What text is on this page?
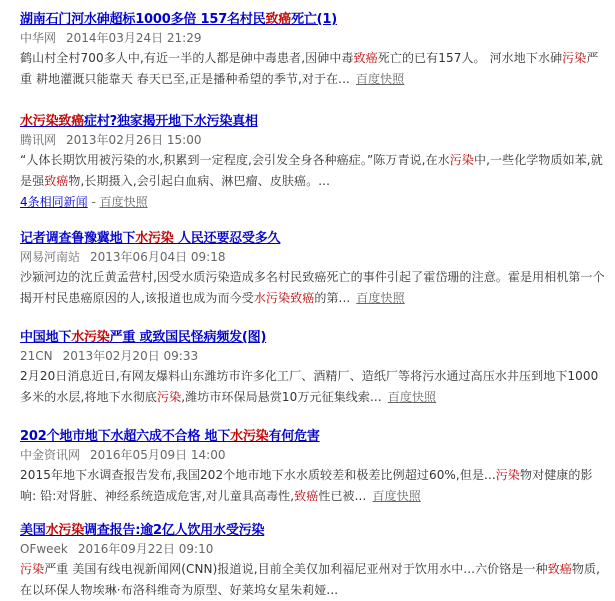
湖南石门河水砷超标1000多倍 157名村民致癌死亡(1)
中华网 2014年03月24日 21:29
鹤山村全村700多人中,有近一半的人都是砷中毒患者,因砷中毒致癌死亡的已有157人。 河水地下水砷污染严重 耕地灌溉只能靠天 春天已至,正是播种希望的季节,对于在... 百度快照
水污染致癌症村?独家揭开地下水污染真相
腾讯网 2013年02月26日 15:00
“人体长期饮用被污染的水,积累到一定程度,会引发全身各种癌症。”陈万青说,在水污染中,一些化学物质如苯,就是强致癌物,长期摄入,会引起白血病、淋巴瘤、皮肤癌。...
4条相同新闻 - 百度快照
记者调查鲁豫冀地下水污染 人民还要忍受多久
网易河南站 2013年06月04日 09:18
沙颍河边的沈丘黄孟营村,因受水质污染造成多名村民致癌死亡的事件引起了霍岱珊的注意。霍是用相机第一个揭开村民患癌原因的人,该报道也成为而今受水污染致癌的第... 百度快照
中国地下水污染严重 或致国民怪病频发(图)
21CN 2013年02月20日 09:33
2月20日消息近日,有网友爆料山东潍坊市许多化工厂、酒精厂、造纸厂等将污水通过高压水井压到地下1000多米的水层,将地下水彻底污染,潍坊市环保局悬赏10万元征集线索... 百度快照
202个地市地下水超六成不合格 地下水污染有何危害
中金资讯网 2016年05月09日 14:00
2015年地下水调查报告发布,我国202个地市地下水水质较差和极差比例超过60%,但是...污染物对健康的影响: 铅:对肾脏、神经系统造成危害,对儿童具高毒性,致癌性已被... 百度快照
美国水污染调查报告:逾2亿人饮用水受污染
OFweek 2016年09月22日 09:10
污染严重 美国有线电视新闻网(CNN)报道说,目前全美仅加利福尼亚州对于饮用水中...六价铬是一种致癌物质,在以环保人物埃琳·布洛科维奇为原型、好莱坞女星朱莉娅...
